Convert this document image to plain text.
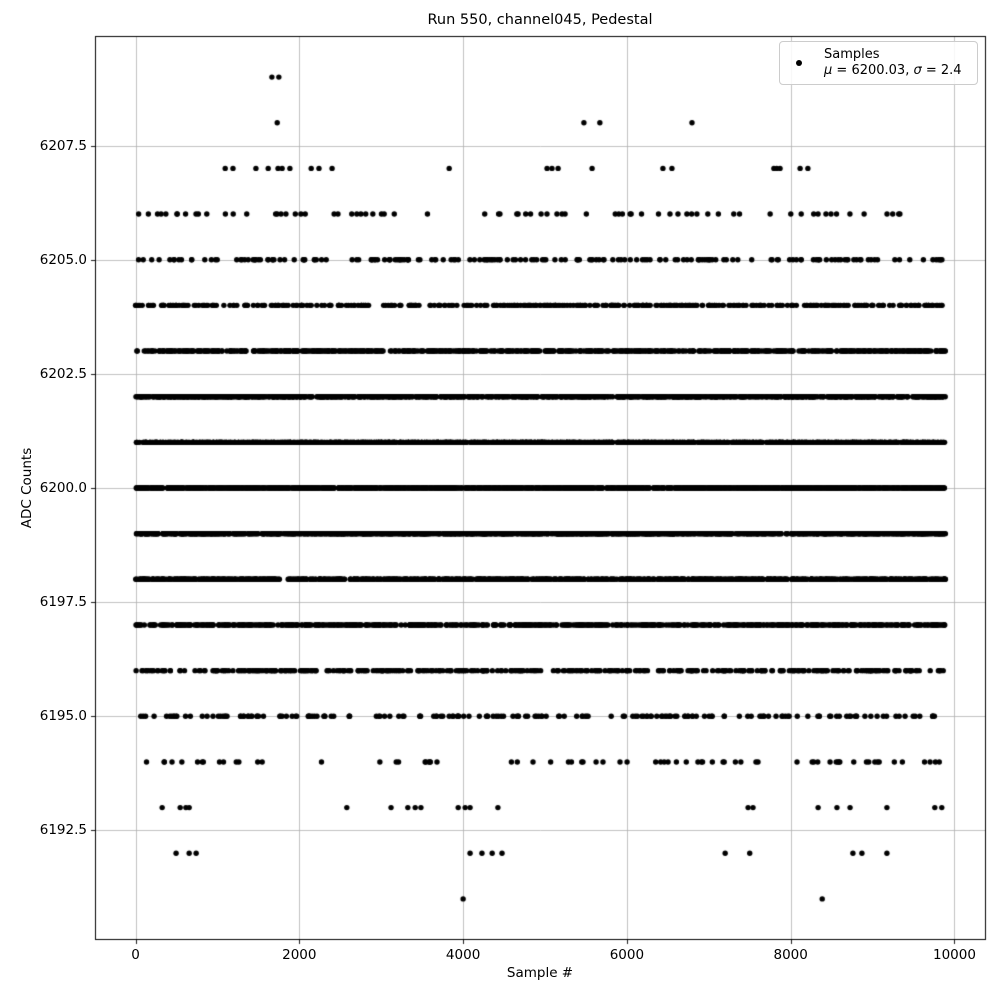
Run 550, channel045, Pedestal
Sample #
ADC Counts
0	2000	4000	6000	8000	10000
6192.5
6195.0
6197.5
6200.0
6202.5
6205.0
6207.5
Samples
μ = 6200.03, σ = 2.4
